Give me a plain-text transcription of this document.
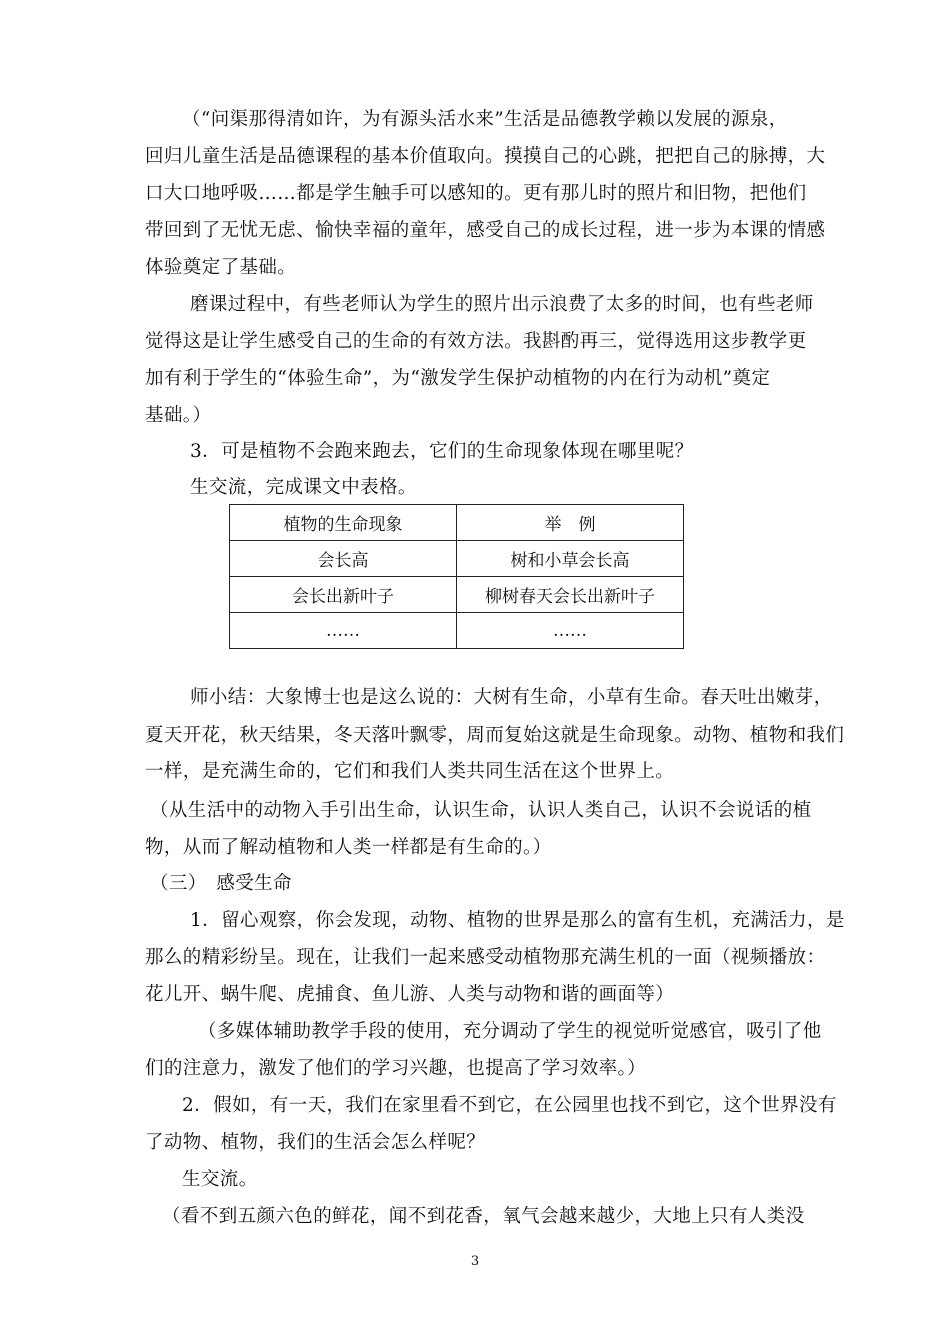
（“问渠那得清如许，为有源头活水来”生活是品德教学赖以发展的源泉，
回归儿童生活是品德课程的基本价值取向。摸摸自己的心跳，把把自己的脉搏，大
口大口地呼吸……都是学生触手可以感知的。更有那儿时的照片和旧物，把他们
带回到了无忧无虑、愉快幸福的童年，感受自己的成长过程，进一步为本课的情感
体验奠定了基础。
磨课过程中，有些老师认为学生的照片出示浪费了太多的时间，也有些老师
觉得这是让学生感受自己的生命的有效方法。我斟酌再三，觉得选用这步教学更
加有利于学生的“体验生命”，为“激发学生保护动植物的内在行为动机”奠定
基础。）
3．可是植物不会跑来跑去，它们的生命现象体现在哪里呢？
生交流，完成课文中表格。
植物的生命现象	举　例
会长高	树和小草会长高
会长出新叶子	柳树春天会长出新叶子
……	……
师小结：大象博士也是这么说的：大树有生命，小草有生命。春天吐出嫩芽，
夏天开花，秋天结果，冬天落叶飘零，周而复始这就是生命现象。动物、植物和我们
一样，是充满生命的，它们和我们人类共同生活在这个世界上。
（从生活中的动物入手引出生命，认识生命，认识人类自己，认识不会说话的植
物，从而了解动植物和人类一样都是有生命的。）
（三）　感受生命
1．留心观察，你会发现，动物、植物的世界是那么的富有生机，充满活力，是
那么的精彩纷呈。现在，让我们一起来感受动植物那充满生机的一面（视频播放：
花儿开、蜗牛爬、虎捕食、鱼儿游、人类与动物和谐的画面等）
（多媒体辅助教学手段的使用，充分调动了学生的视觉听觉感官，吸引了他
们的注意力，激发了他们的学习兴趣，也提高了学习效率。）
2．假如，有一天，我们在家里看不到它，在公园里也找不到它，这个世界没有
了动物、植物，我们的生活会怎么样呢？
生交流。
（看不到五颜六色的鲜花，闻不到花香，氧气会越来越少，大地上只有人类没
3
